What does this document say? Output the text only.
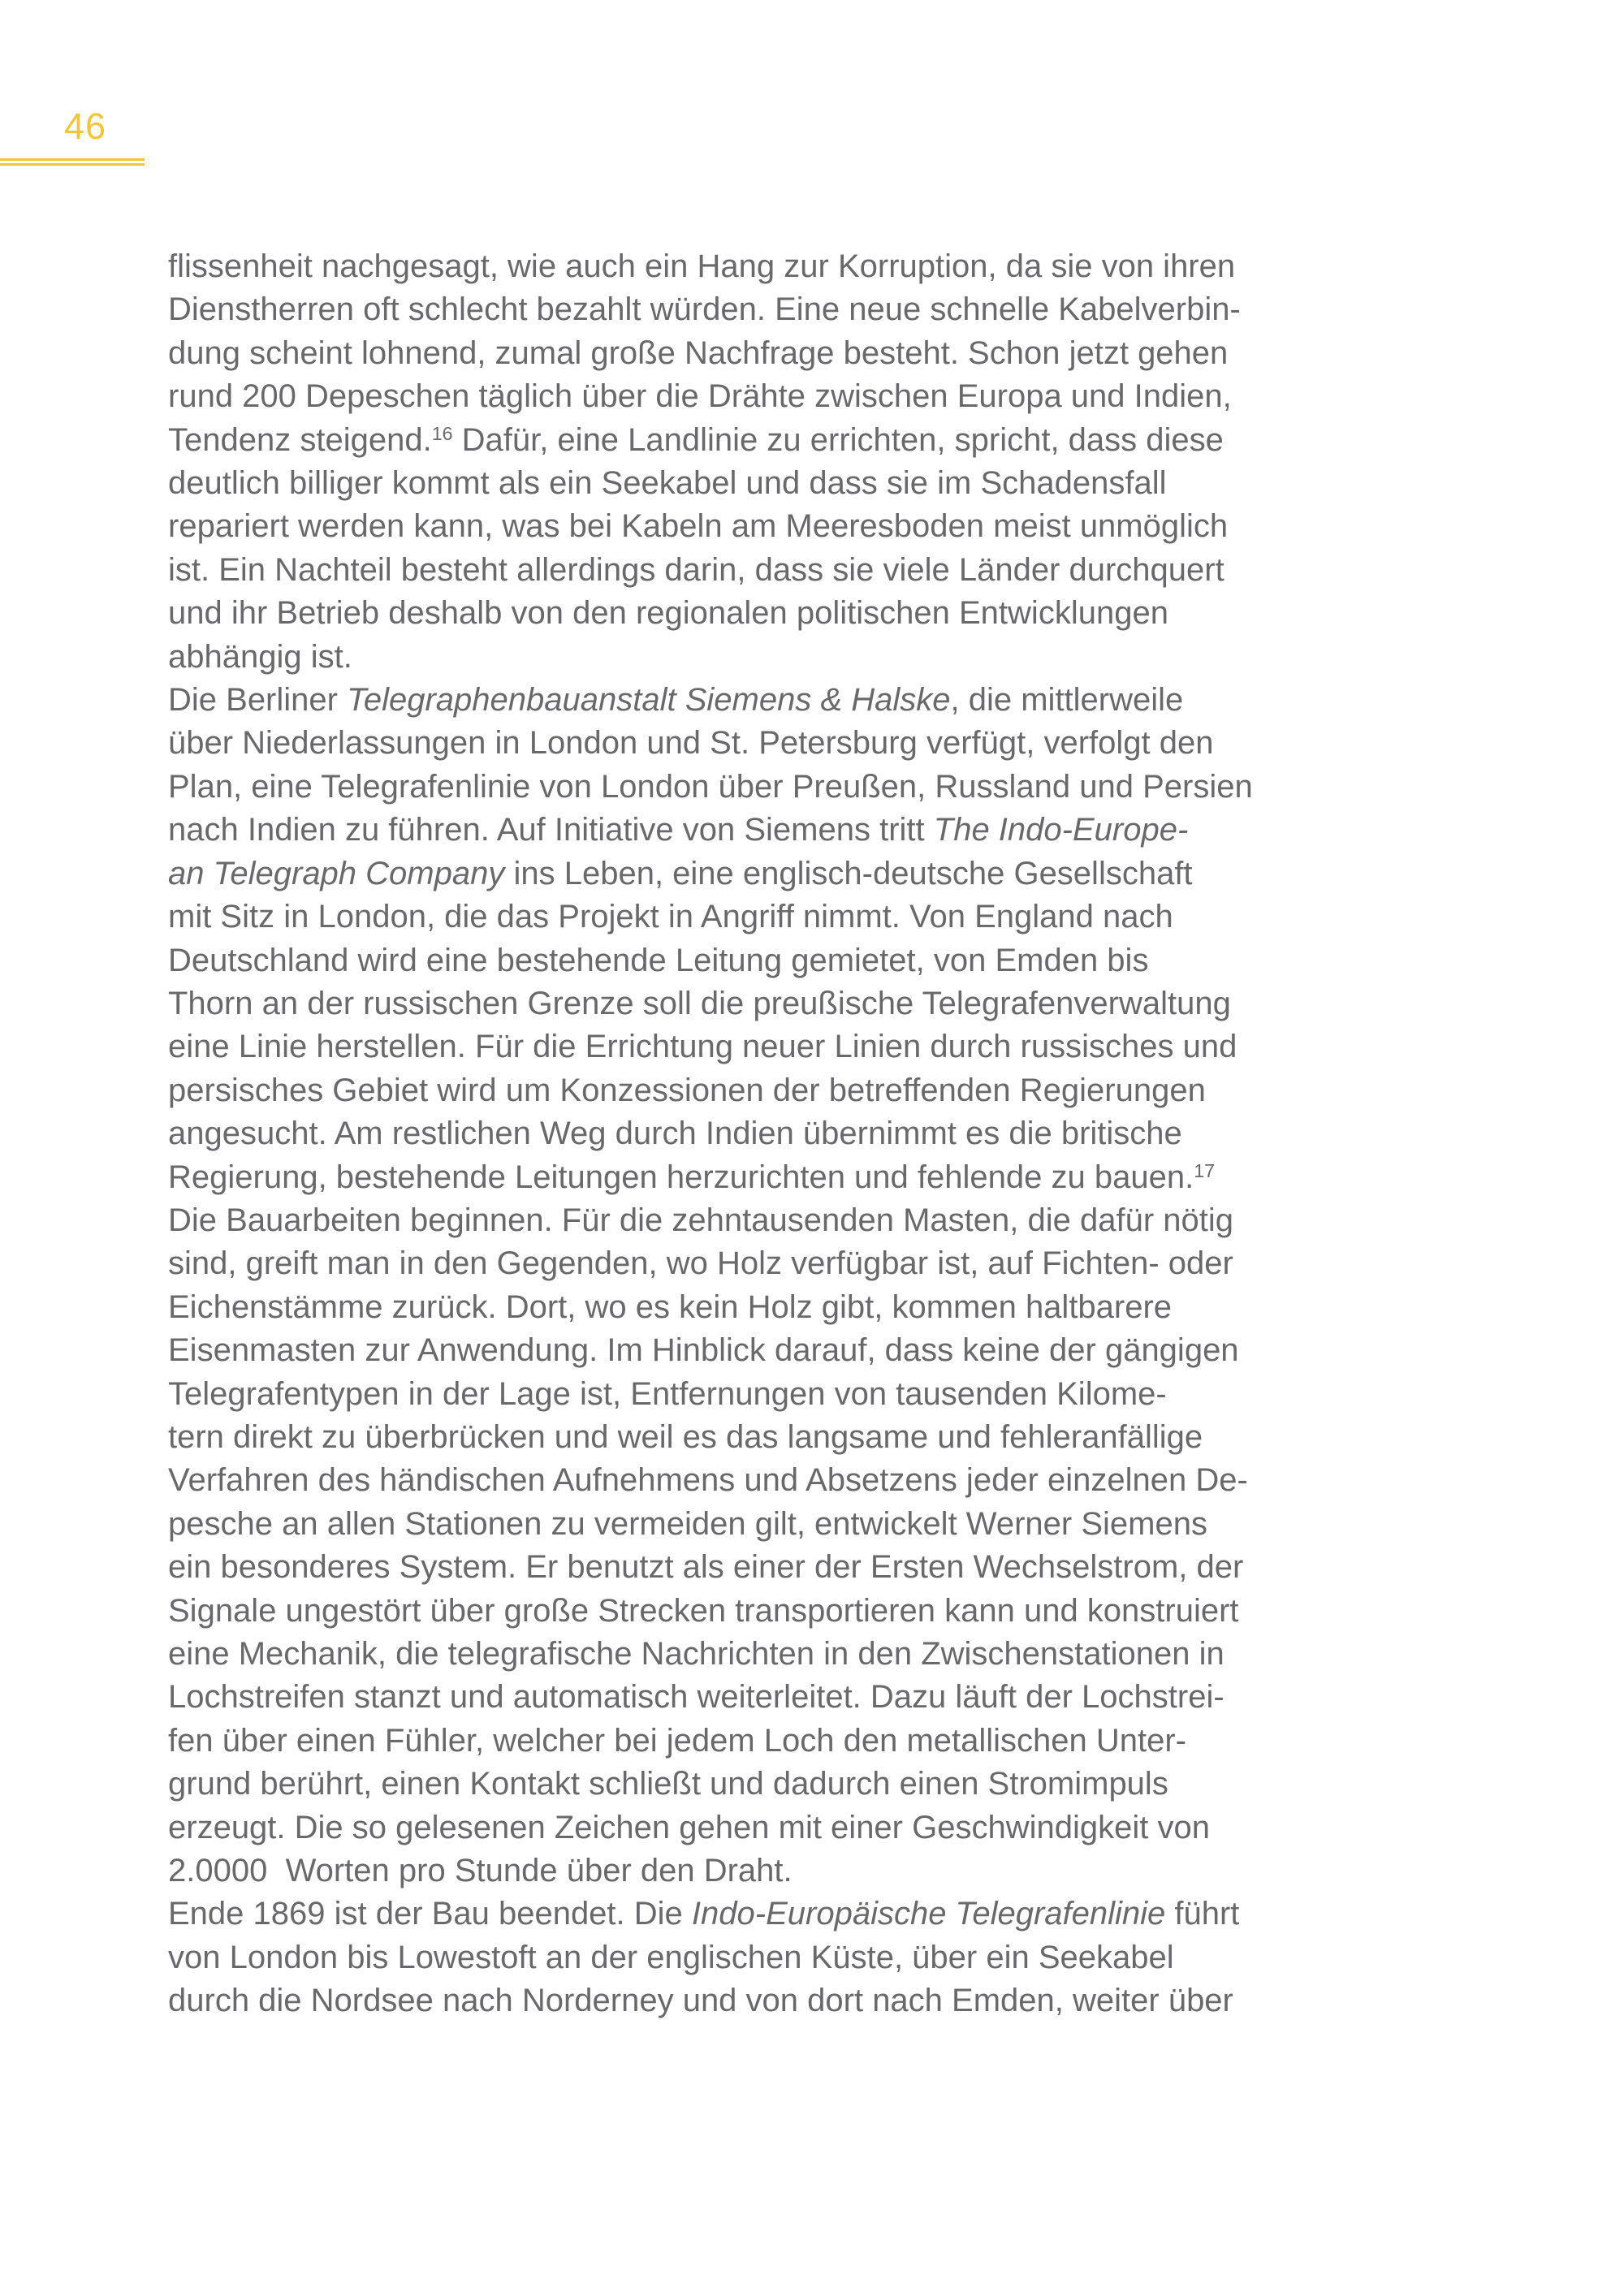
46
flissenheit nachgesagt, wie auch ein Hang zur Korruption, da sie von ihren
Dienstherren oft schlecht bezahlt würden. Eine neue schnelle Kabelverbin-
dung scheint lohnend, zumal große Nachfrage besteht. Schon jetzt gehen
rund 200 Depeschen täglich über die Drähte zwischen Europa und Indien,
Tendenz steigend.$^{16}$ Dafür, eine Landlinie zu errichten, spricht, dass diese
deutlich billiger kommt als ein Seekabel und dass sie im Schadensfall
repariert werden kann, was bei Kabeln am Meeresboden meist unmöglich
ist. Ein Nachteil besteht allerdings darin, dass sie viele Länder durchquert
und ihr Betrieb deshalb von den regionalen politischen Entwicklungen
abhängig ist.
Die Berliner Telegraphenbauanstalt Siemens & Halske, die mittlerweile
über Niederlassungen in London und St. Petersburg verfügt, verfolgt den
Plan, eine Telegrafenlinie von London über Preußen, Russland und Persien
nach Indien zu führen. Auf Initiative von Siemens tritt The Indo-Europe-
an Telegraph Company ins Leben, eine englisch-deutsche Gesellschaft
mit Sitz in London, die das Projekt in Angriff nimmt. Von England nach
Deutschland wird eine bestehende Leitung gemietet, von Emden bis
Thorn an der russischen Grenze soll die preußische Telegrafenverwaltung
eine Linie herstellen. Für die Errichtung neuer Linien durch russisches und
persisches Gebiet wird um Konzessionen der betreffenden Regierungen
angesucht. Am restlichen Weg durch Indien übernimmt es die britische
Regierung, bestehende Leitungen herzurichten und fehlende zu bauen.$^{17}$
Die Bauarbeiten beginnen. Für die zehntausenden Masten, die dafür nötig
sind, greift man in den Gegenden, wo Holz verfügbar ist, auf Fichten- oder
Eichenstämme zurück. Dort, wo es kein Holz gibt, kommen haltbarere
Eisenmasten zur Anwendung. Im Hinblick darauf, dass keine der gängigen
Telegrafentypen in der Lage ist, Entfernungen von tausenden Kilome-
tern direkt zu überbrücken und weil es das langsame und fehleranfällige
Verfahren des händischen Aufnehmens und Absetzens jeder einzelnen De-
pesche an allen Stationen zu vermeiden gilt, entwickelt Werner Siemens
ein besonderes System. Er benutzt als einer der Ersten Wechselstrom, der
Signale ungestört über große Strecken transportieren kann und konstruiert
eine Mechanik, die telegrafische Nachrichten in den Zwischenstationen in
Lochstreifen stanzt und automatisch weiterleitet. Dazu läuft der Lochstrei-
fen über einen Fühler, welcher bei jedem Loch den metallischen Unter-
grund berührt, einen Kontakt schließt und dadurch einen Stromimpuls
erzeugt. Die so gelesenen Zeichen gehen mit einer Geschwindigkeit von
2.0000  Worten pro Stunde über den Draht.
Ende 1869 ist der Bau beendet. Die Indo-Europäische Telegrafenlinie führt
von London bis Lowestoft an der englischen Küste, über ein Seekabel
durch die Nordsee nach Norderney und von dort nach Emden, weiter über
